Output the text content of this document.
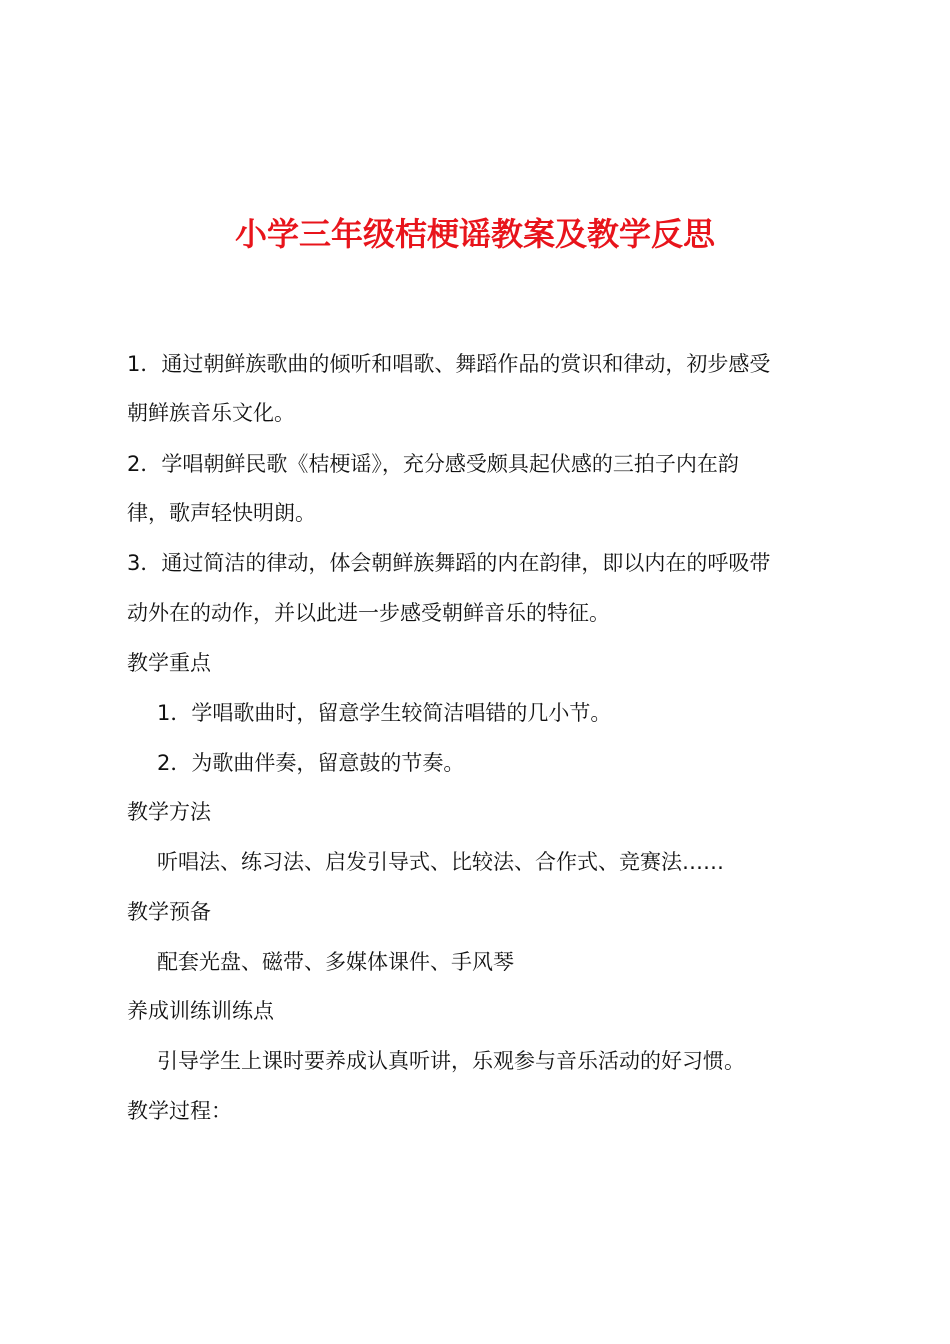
小学三年级桔梗谣教案及教学反思
1．通过朝鲜族歌曲的倾听和唱歌、舞蹈作品的赏识和律动，初步感受
朝鲜族音乐文化。
2．学唱朝鲜民歌《桔梗谣》，充分感受颇具起伏感的三拍子内在韵
律，歌声轻快明朗。
3．通过简洁的律动，体会朝鲜族舞蹈的内在韵律，即以内在的呼吸带
动外在的动作，并以此进一步感受朝鲜音乐的特征。
教学重点
1．学唱歌曲时，留意学生较简洁唱错的几小节。
2．为歌曲伴奏，留意鼓的节奏。
教学方法
听唱法、练习法、启发引导式、比较法、合作式、竞赛法……
教学预备
配套光盘、磁带、多媒体课件、手风琴
养成训练训练点
引导学生上课时要养成认真听讲，乐观参与音乐活动的好习惯。
教学过程：
